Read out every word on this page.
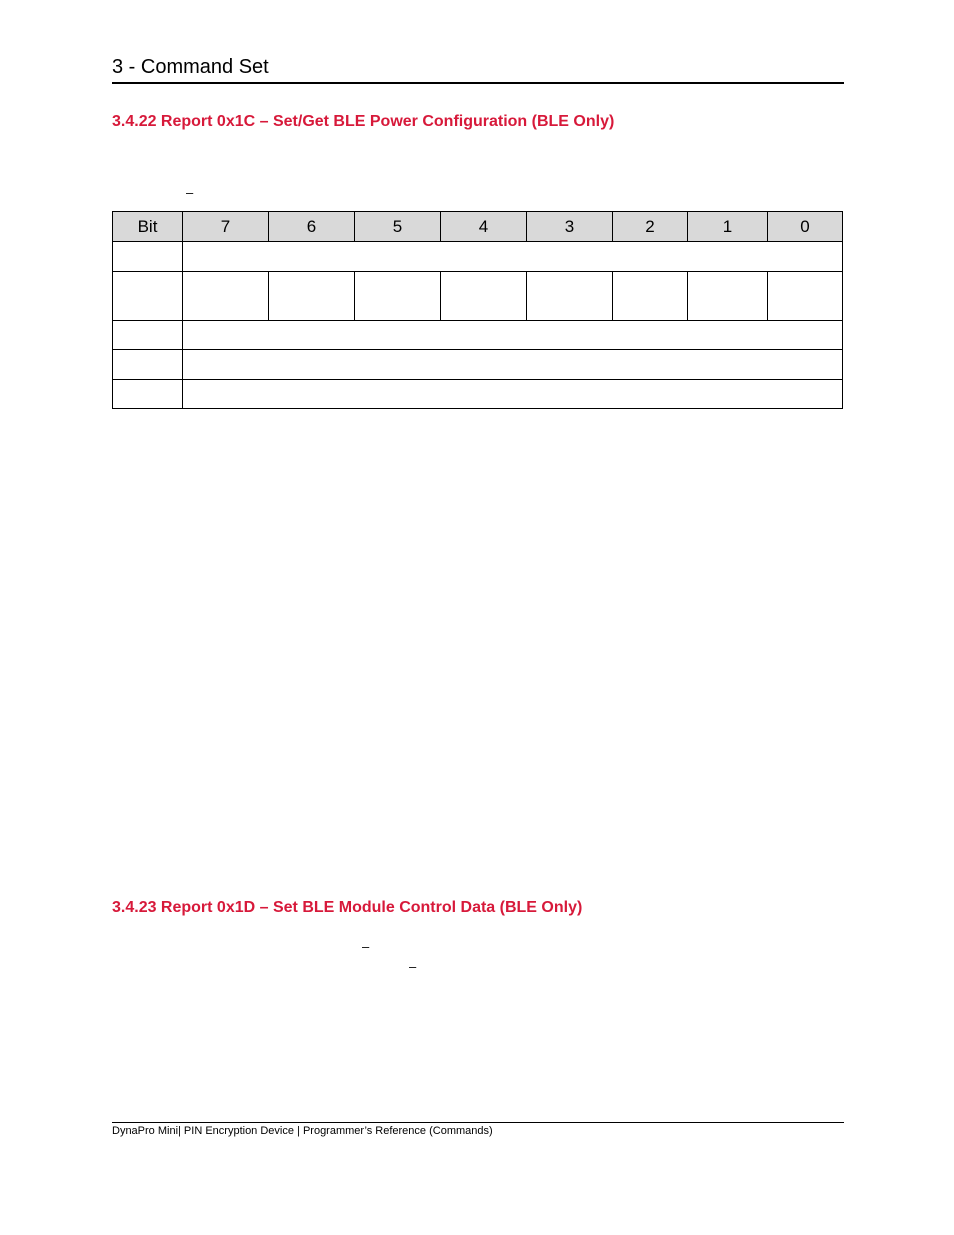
3 - Command Set
3.4.22 Report 0x1C – Set/Get BLE Power Configuration (BLE Only)
–
Bit	7	6	5	4	3	2	1	0

3.4.23 Report 0x1D – Set BLE Module Control Data (BLE Only)
–
–
DynaPro Mini| PIN Encryption Device | Programmer’s Reference (Commands)
